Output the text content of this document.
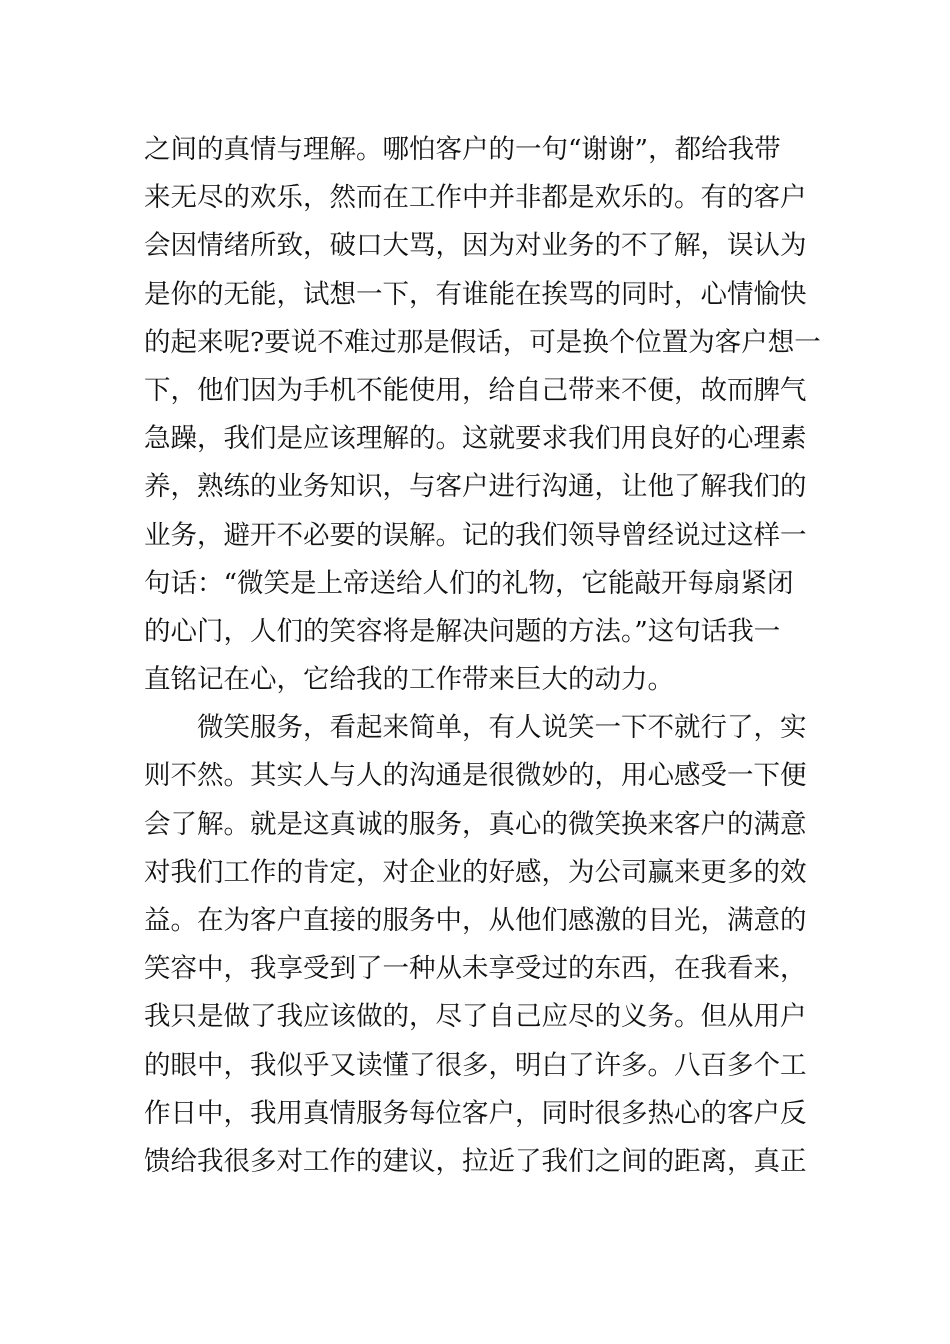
之间的真情与理解。哪怕客户的一句“谢谢”，都给我带
来无尽的欢乐，然而在工作中并非都是欢乐的。有的客户
会因情绪所致，破口大骂，因为对业务的不了解，误认为
是你的无能，试想一下，有谁能在挨骂的同时，心情愉快
的起来呢?要说不难过那是假话，可是换个位置为客户想一
下，他们因为手机不能使用，给自己带来不便，故而脾气
急躁，我们是应该理解的。这就要求我们用良好的心理素
养，熟练的业务知识，与客户进行沟通，让他了解我们的
业务，避开不必要的误解。记的我们领导曾经说过这样一
句话：“微笑是上帝送给人们的礼物，它能敲开每扇紧闭
的心门，人们的笑容将是解决问题的方法。”这句话我一
直铭记在心，它给我的工作带来巨大的动力。
　　微笑服务，看起来简单，有人说笑一下不就行了，实
则不然。其实人与人的沟通是很微妙的，用心感受一下便
会了解。就是这真诚的服务，真心的微笑换来客户的满意
对我们工作的肯定，对企业的好感，为公司赢来更多的效
益。在为客户直接的服务中，从他们感激的目光，满意的
笑容中，我享受到了一种从未享受过的东西，在我看来，
我只是做了我应该做的，尽了自己应尽的义务。但从用户
的眼中，我似乎又读懂了很多，明白了许多。八百多个工
作日中，我用真情服务每位客户，同时很多热心的客户反
馈给我很多对工作的建议，拉近了我们之间的距离，真正
